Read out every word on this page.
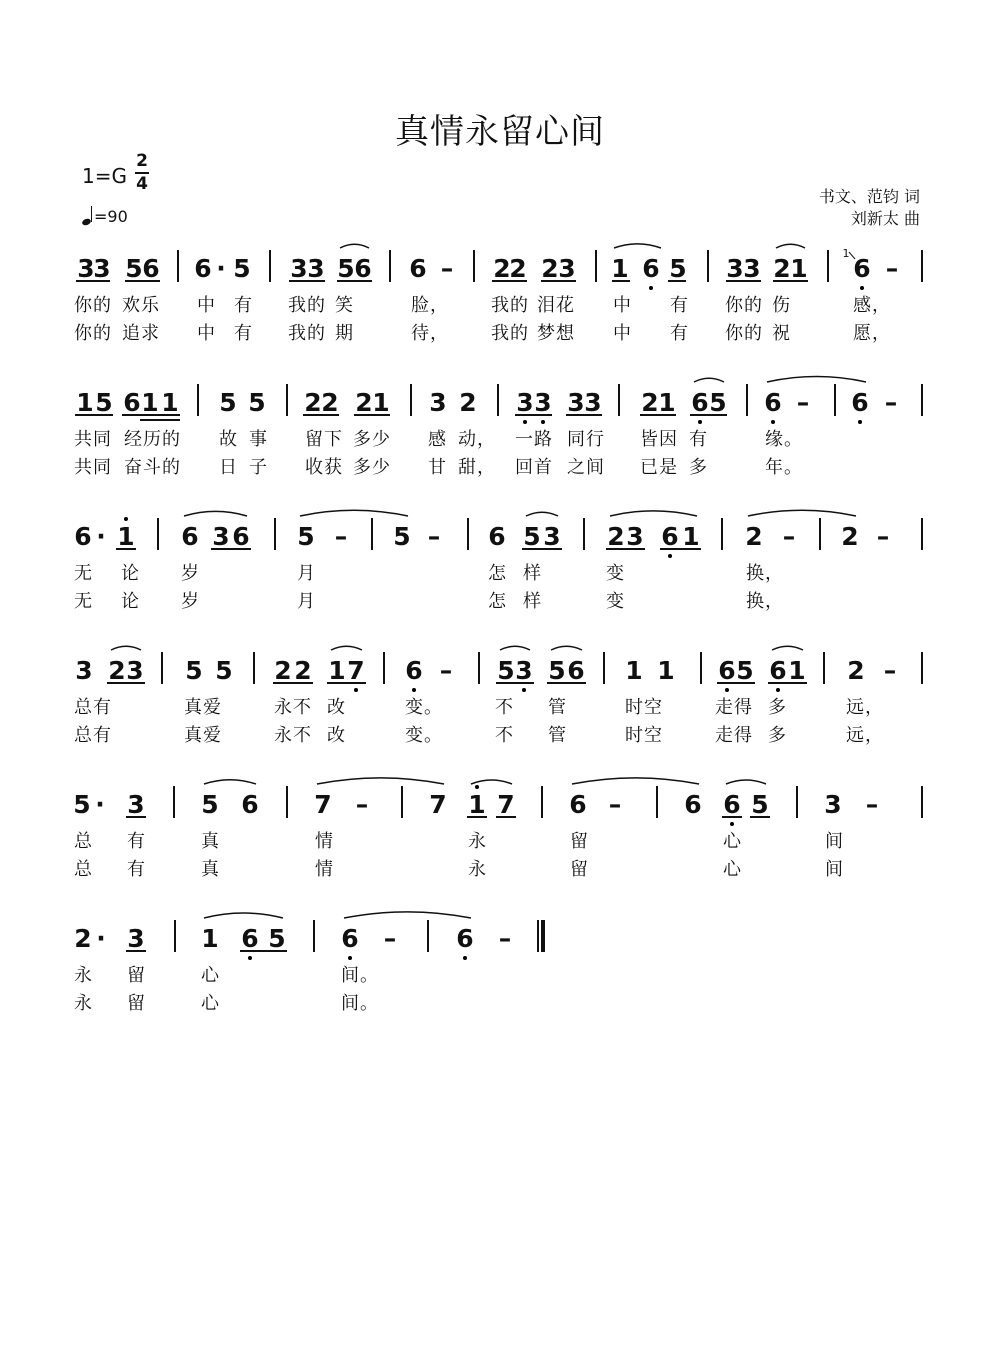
真情永留心间
1=G
2
4
=90
书文、范钧 词
刘新太 曲
3
3 5 6 6 · 5 3 3 5 6 6 – 2
2 2 3 1 6 5 3 3 2 1 6 –
1
你的 欢乐 中 有 我的 笑	脸， 我的 泪花 中 有 你的 伤	感，
你的 追求 中 有 我的 期	待， 我的 梦想 中 有 你的 祝	愿，
1 5 6 1 1 5 5 2 2 2 1 3 2 3 3 3 3 2 1 6 5 6 – 6 –
共同 经历的 故 事 留下 多少 感 动， 一路 同行 皆因 有	缘。
共同 奋斗的 日 子 收获 多少 甘 甜， 回首 之间 已是 多	年。
6 · 1 6 3 6 5 – 5 – 6 5 3 2 3 6 1 2 – 2 –
无 论 岁	月	怎 样	变	换，
无 论 岁	月	怎 样	变	换，
3 2 3 5 5 2 2 1 7 6 – 5 3 5 6 1 1 6 5 6 1 2 –
总有	真爱	永不 改	变。	不 管	时空	走得 多	远，
总有	真爱	永不 改	变。	不 管	时空	走得 多	远，
5 · 3 5 6 7 – 7 1 7 6 –	6 6 5 3 –
总 有	真	情	永	留	心	间
总 有	真	情	永	留	心	间
2 · 3 1 6 5 6 – 6 –
永 留	心	间。
永 留	心	间。
